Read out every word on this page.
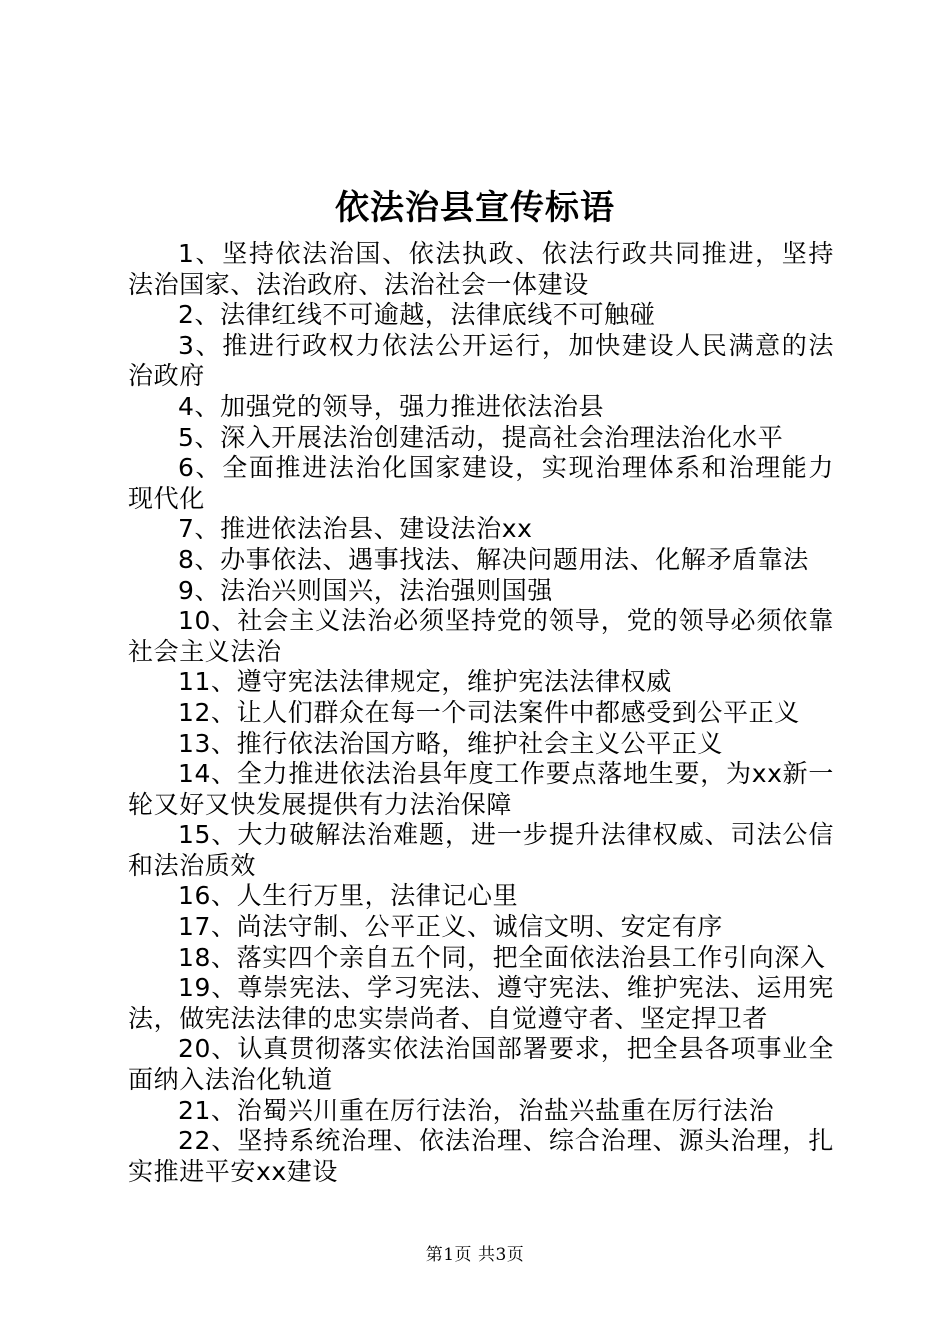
依法治县宣传标语

1、坚持依法治国、依法执政、依法行政共同推进，坚持法治国家、法治政府、法治社会一体建设

2、法律红线不可逾越，法律底线不可触碰

3、推进行政权力依法公开运行，加快建设人民满意的法治政府

4、加强党的领导，强力推进依法治县

5、深入开展法治创建活动，提高社会治理法治化水平

6、全面推进法治化国家建设，实现治理体系和治理能力现代化

7、推进依法治县、建设法治xx

8、办事依法、遇事找法、解决问题用法、化解矛盾靠法

9、法治兴则国兴，法治强则国强

10、社会主义法治必须坚持党的领导，党的领导必须依靠社会主义法治

11、遵守宪法法律规定，维护宪法法律权威

12、让人们群众在每一个司法案件中都感受到公平正义

13、推行依法治国方略，维护社会主义公平正义

14、全力推进依法治县年度工作要点落地生要，为xx新一轮又好又快发展提供有力法治保障

15、大力破解法治难题，进一步提升法律权威、司法公信和法治质效

16、人生行万里，法律记心里

17、尚法守制、公平正义、诚信文明、安定有序

18、落实四个亲自五个同，把全面依法治县工作引向深入

19、尊崇宪法、学习宪法、遵守宪法、维护宪法、运用宪法，做宪法法律的忠实崇尚者、自觉遵守者、坚定捍卫者

20、认真贯彻落实依法治国部署要求，把全县各项事业全面纳入法治化轨道

21、治蜀兴川重在厉行法治，治盐兴盐重在厉行法治

22、坚持系统治理、依法治理、综合治理、源头治理，扎实推进平安xx建设

第1页 共3页
